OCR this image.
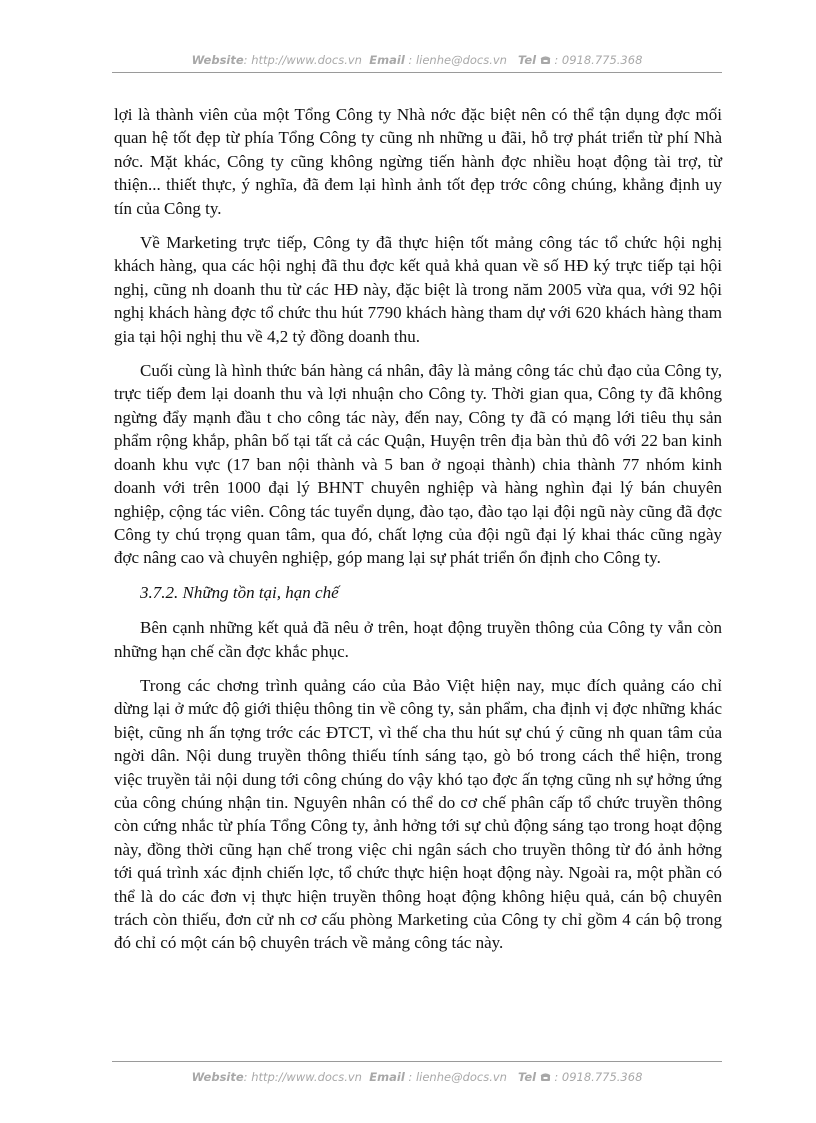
Website: http://www.docs.vn Email : lienhe@docs.vn Tel : 0918.775.368

lợi là thành viên của một Tổng Công ty Nhà nớc đặc biệt nên có thể tận dụng đợc mối quan hệ tốt đẹp từ phía Tổng Công ty cũng nh những u đãi, hỗ trợ phát triển từ phí Nhà nớc. Mặt khác, Công ty cũng không ngừng tiến hành đợc nhiều hoạt động tài trợ, từ thiện... thiết thực, ý nghĩa, đã đem lại hình ảnh tốt đẹp trớc công chúng, khẳng định uy tín của Công ty.

Về Marketing trực tiếp, Công ty đã thực hiện tốt mảng công tác tổ chức hội nghị khách hàng, qua các hội nghị đã thu đợc kết quả khả quan về số HĐ ký trực tiếp tại hội nghị, cũng nh doanh thu từ các HĐ này, đặc biệt là trong năm 2005 vừa qua, với 92 hội nghị khách hàng đợc tổ chức thu hút 7790 khách hàng tham dự với 620 khách hàng tham gia tại hội nghị thu về 4,2 tỷ đồng doanh thu.

Cuối cùng là hình thức bán hàng cá nhân, đây là mảng công tác chủ đạo của Công ty, trực tiếp đem lại doanh thu và lợi nhuận cho Công ty. Thời gian qua, Công ty đã không ngừng đẩy mạnh đầu t cho công tác này, đến nay, Công ty đã có mạng lới tiêu thụ sản phẩm rộng khắp, phân bố tại tất cả các Quận, Huyện trên địa bàn thủ đô với 22 ban kinh doanh khu vực (17 ban nội thành và 5 ban ở ngoại thành) chia thành 77 nhóm kinh doanh với trên 1000 đại lý BHNT chuyên nghiệp và hàng nghìn đại lý bán chuyên nghiệp, cộng tác viên. Công tác tuyển dụng, đào tạo, đào tạo lại đội ngũ này cũng đã đợc Công ty chú trọng quan tâm, qua đó, chất lợng của đội ngũ đại lý khai thác cũng ngày đợc nâng cao và chuyên nghiệp, góp mang lại sự phát triển ổn định cho Công ty.

3.7.2. Những tồn tại, hạn chế

Bên cạnh những kết quả đã nêu ở trên, hoạt động truyền thông của Công ty vẫn còn những hạn chế cần đợc khắc phục.

Trong các chơng trình quảng cáo của Bảo Việt hiện nay, mục đích quảng cáo chỉ dừng lại ở mức độ giới thiệu thông tin về công ty, sản phẩm, cha định vị đợc những khác biệt, cũng nh ấn tợng trớc các ĐTCT, vì thế cha thu hút sự chú ý cũng nh quan tâm của ngời dân. Nội dung truyền thông thiếu tính sáng tạo, gò bó trong cách thể hiện, trong việc truyền tải nội dung tới công chúng do vậy khó tạo đợc ấn tợng cũng nh sự hởng ứng của công chúng nhận tin. Nguyên nhân có thể do cơ chế phân cấp tổ chức truyền thông còn cứng nhắc từ phía Tổng Công ty, ảnh hởng tới sự chủ động sáng tạo trong hoạt động này, đồng thời cũng hạn chế trong việc chi ngân sách cho truyền thông từ đó ảnh hởng tới quá trình xác định chiến lợc, tổ chức thực hiện hoạt động này. Ngoài ra, một phần có thể là do các đơn vị thực hiện truyền thông hoạt động không hiệu quả, cán bộ chuyên trách còn thiếu, đơn cử nh cơ cấu phòng Marketing của Công ty chỉ gồm 4 cán bộ trong đó chỉ có một cán bộ chuyên trách về mảng công tác này.

Website: http://www.docs.vn Email : lienhe@docs.vn Tel : 0918.775.368
